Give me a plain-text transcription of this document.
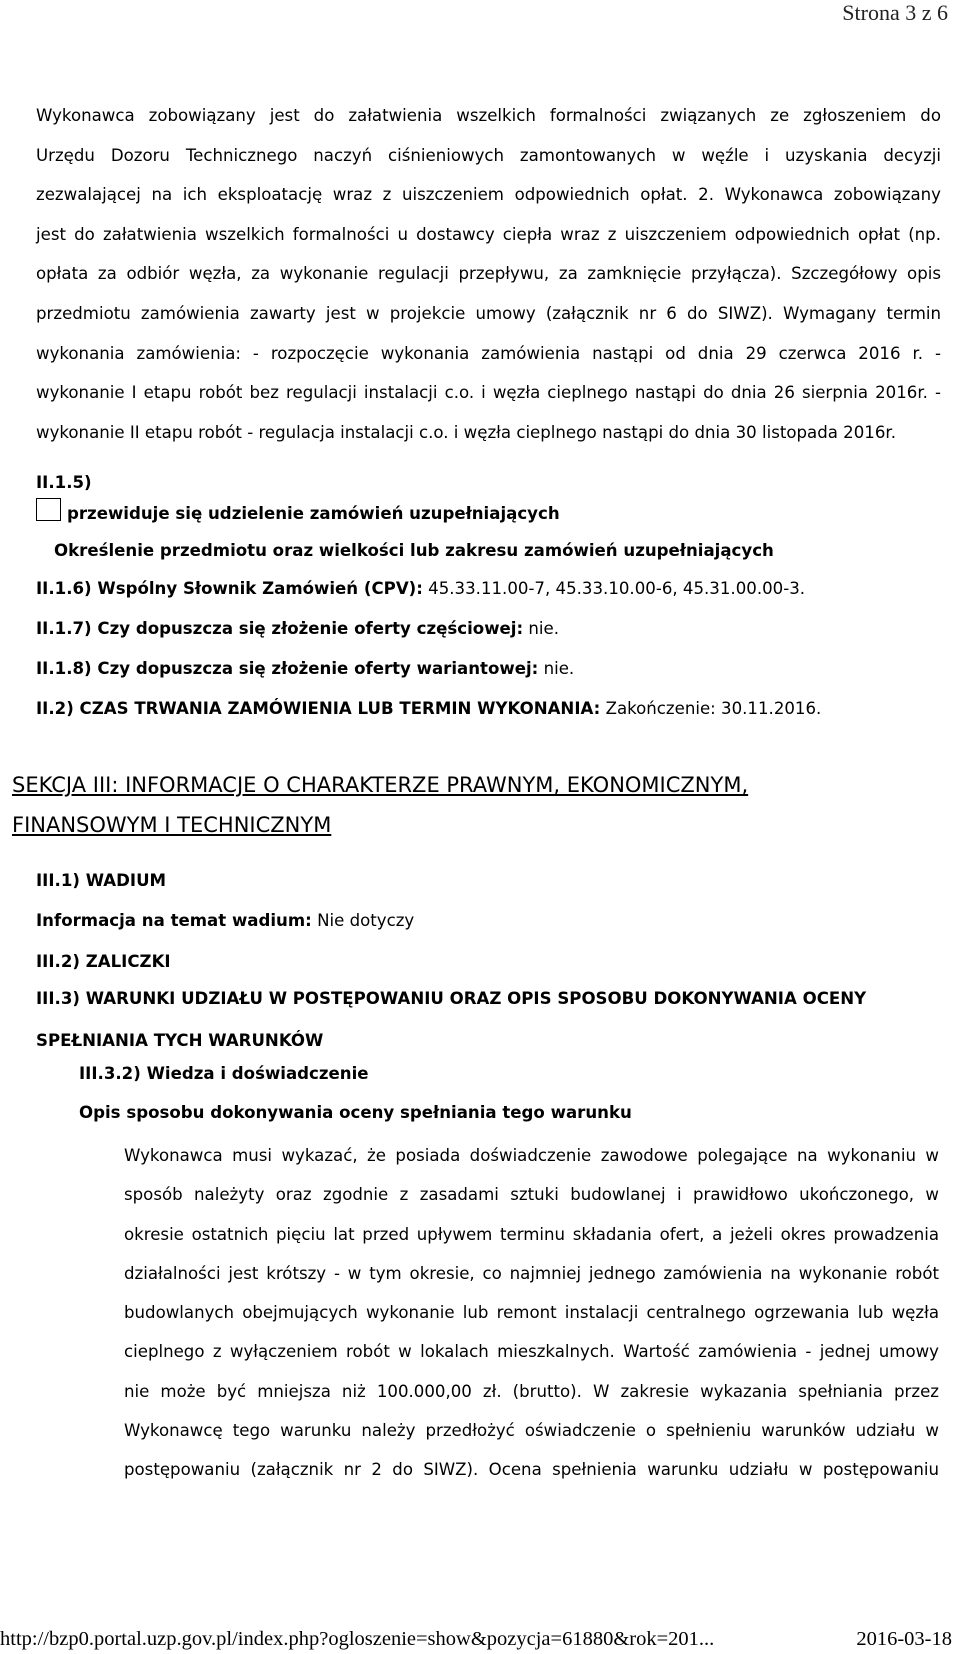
Strona 3 z 6
Wykonawca zobowiązany jest do załatwienia wszelkich formalności związanych ze zgłoszeniem do
Urzędu Dozoru Technicznego naczyń ciśnieniowych zamontowanych w węźle i uzyskania decyzji
zezwalającej na ich eksploatację wraz z uiszczeniem odpowiednich opłat. 2. Wykonawca zobowiązany
jest do załatwienia wszelkich formalności u dostawcy ciepła wraz z uiszczeniem odpowiednich opłat (np.
opłata za odbiór węzła, za wykonanie regulacji przepływu, za zamknięcie przyłącza). Szczegółowy opis
przedmiotu zamówienia zawarty jest w projekcie umowy (załącznik nr 6 do SIWZ). Wymagany termin
wykonania zamówienia: - rozpoczęcie wykonania zamówienia nastąpi od dnia 29 czerwca 2016 r. -
wykonanie I etapu robót bez regulacji instalacji c.o. i węzła cieplnego nastąpi do dnia 26 sierpnia 2016r. -
wykonanie II etapu robót - regulacja instalacji c.o. i węzła cieplnego nastąpi do dnia 30 listopada 2016r.
II.1.5)
przewiduje się udzielenie zamówień uzupełniających
Określenie przedmiotu oraz wielkości lub zakresu zamówień uzupełniających
II.1.6) Wspólny Słownik Zamówień (CPV): 45.33.11.00-7, 45.33.10.00-6, 45.31.00.00-3.
II.1.7) Czy dopuszcza się złożenie oferty częściowej: nie.
II.1.8) Czy dopuszcza się złożenie oferty wariantowej: nie.
II.2) CZAS TRWANIA ZAMÓWIENIA LUB TERMIN WYKONANIA: Zakończenie: 30.11.2016.
SEKCJA III: INFORMACJE O CHARAKTERZE PRAWNYM, EKONOMICZNYM,
FINANSOWYM I TECHNICZNYM
III.1) WADIUM
Informacja na temat wadium: Nie dotyczy
III.2) ZALICZKI
III.3) WARUNKI UDZIAŁU W POSTĘPOWANIU ORAZ OPIS SPOSOBU DOKONYWANIA OCENY
SPEŁNIANIA TYCH WARUNKÓW
III.3.2) Wiedza i doświadczenie
Opis sposobu dokonywania oceny spełniania tego warunku
Wykonawca musi wykazać, że posiada doświadczenie zawodowe polegające na wykonaniu w
sposób należyty oraz zgodnie z zasadami sztuki budowlanej i prawidłowo ukończonego, w
okresie ostatnich pięciu lat przed upływem terminu składania ofert, a jeżeli okres prowadzenia
działalności jest krótszy - w tym okresie, co najmniej jednego zamówienia na wykonanie robót
budowlanych obejmujących wykonanie lub remont instalacji centralnego ogrzewania lub węzła
cieplnego z wyłączeniem robót w lokalach mieszkalnych. Wartość zamówienia - jednej umowy
nie może być mniejsza niż 100.000,00 zł. (brutto). W zakresie wykazania spełniania przez
Wykonawcę tego warunku należy przedłożyć oświadczenie o spełnieniu warunków udziału w
postępowaniu (załącznik nr 2 do SIWZ). Ocena spełnienia warunku udziału w postępowaniu
http://bzp0.portal.uzp.gov.pl/index.php?ogloszenie=show&pozycja=61880&rok=201...	2016-03-18
